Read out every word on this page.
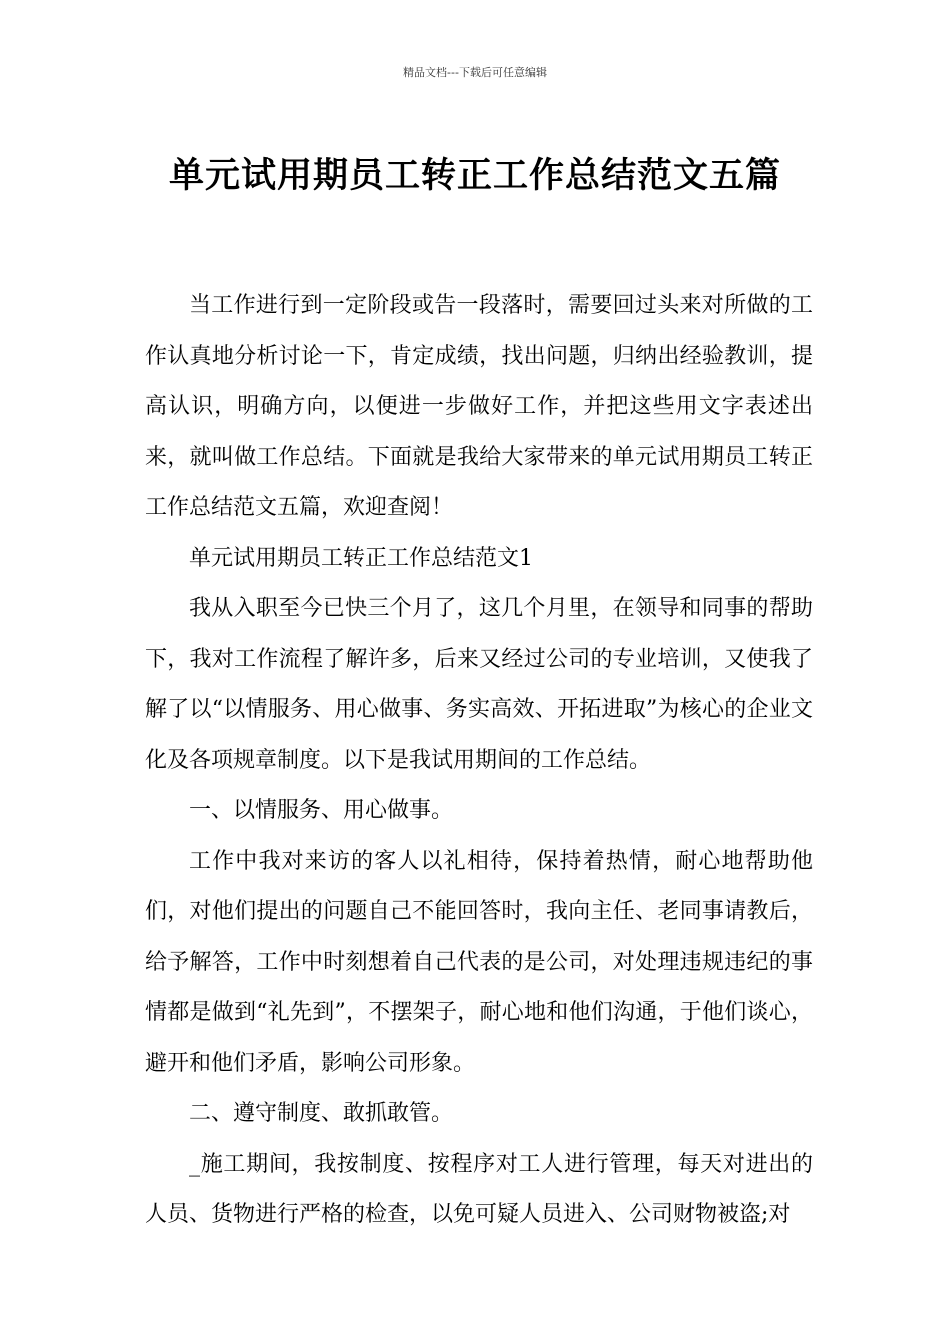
精品文档---下载后可任意编辑
单元试用期员工转正工作总结范文五篇

当工作进行到一定阶段或告一段落时，需要回过头来对所做的工作认真地分析讨论一下，肯定成绩，找出问题，归纳出经验教训，提高认识，明确方向，以便进一步做好工作，并把这些用文字表述出来，就叫做工作总结。下面就是我给大家带来的单元试用期员工转正工作总结范文五篇，欢迎查阅！

单元试用期员工转正工作总结范文1

我从入职至今已快三个月了，这几个月里，在领导和同事的帮助下，我对工作流程了解许多，后来又经过公司的专业培训，又使我了解了以“以情服务、用心做事、务实高效、开拓进取”为核心的企业文化及各项规章制度。以下是我试用期间的工作总结。

一、以情服务、用心做事。

工作中我对来访的客人以礼相待，保持着热情，耐心地帮助他们，对他们提出的问题自己不能回答时，我向主任、老同事请教后，给予解答，工作中时刻想着自己代表的是公司，对处理违规违纪的事情都是做到“礼先到”，不摆架子，耐心地和他们沟通，于他们谈心，避开和他们矛盾，影响公司形象。

二、遵守制度、敢抓敢管。

_施工期间，我按制度、按程序对工人进行管理，每天对进出的人员、货物进行严格的检查，以免可疑人员进入、公司财物被盗;对
